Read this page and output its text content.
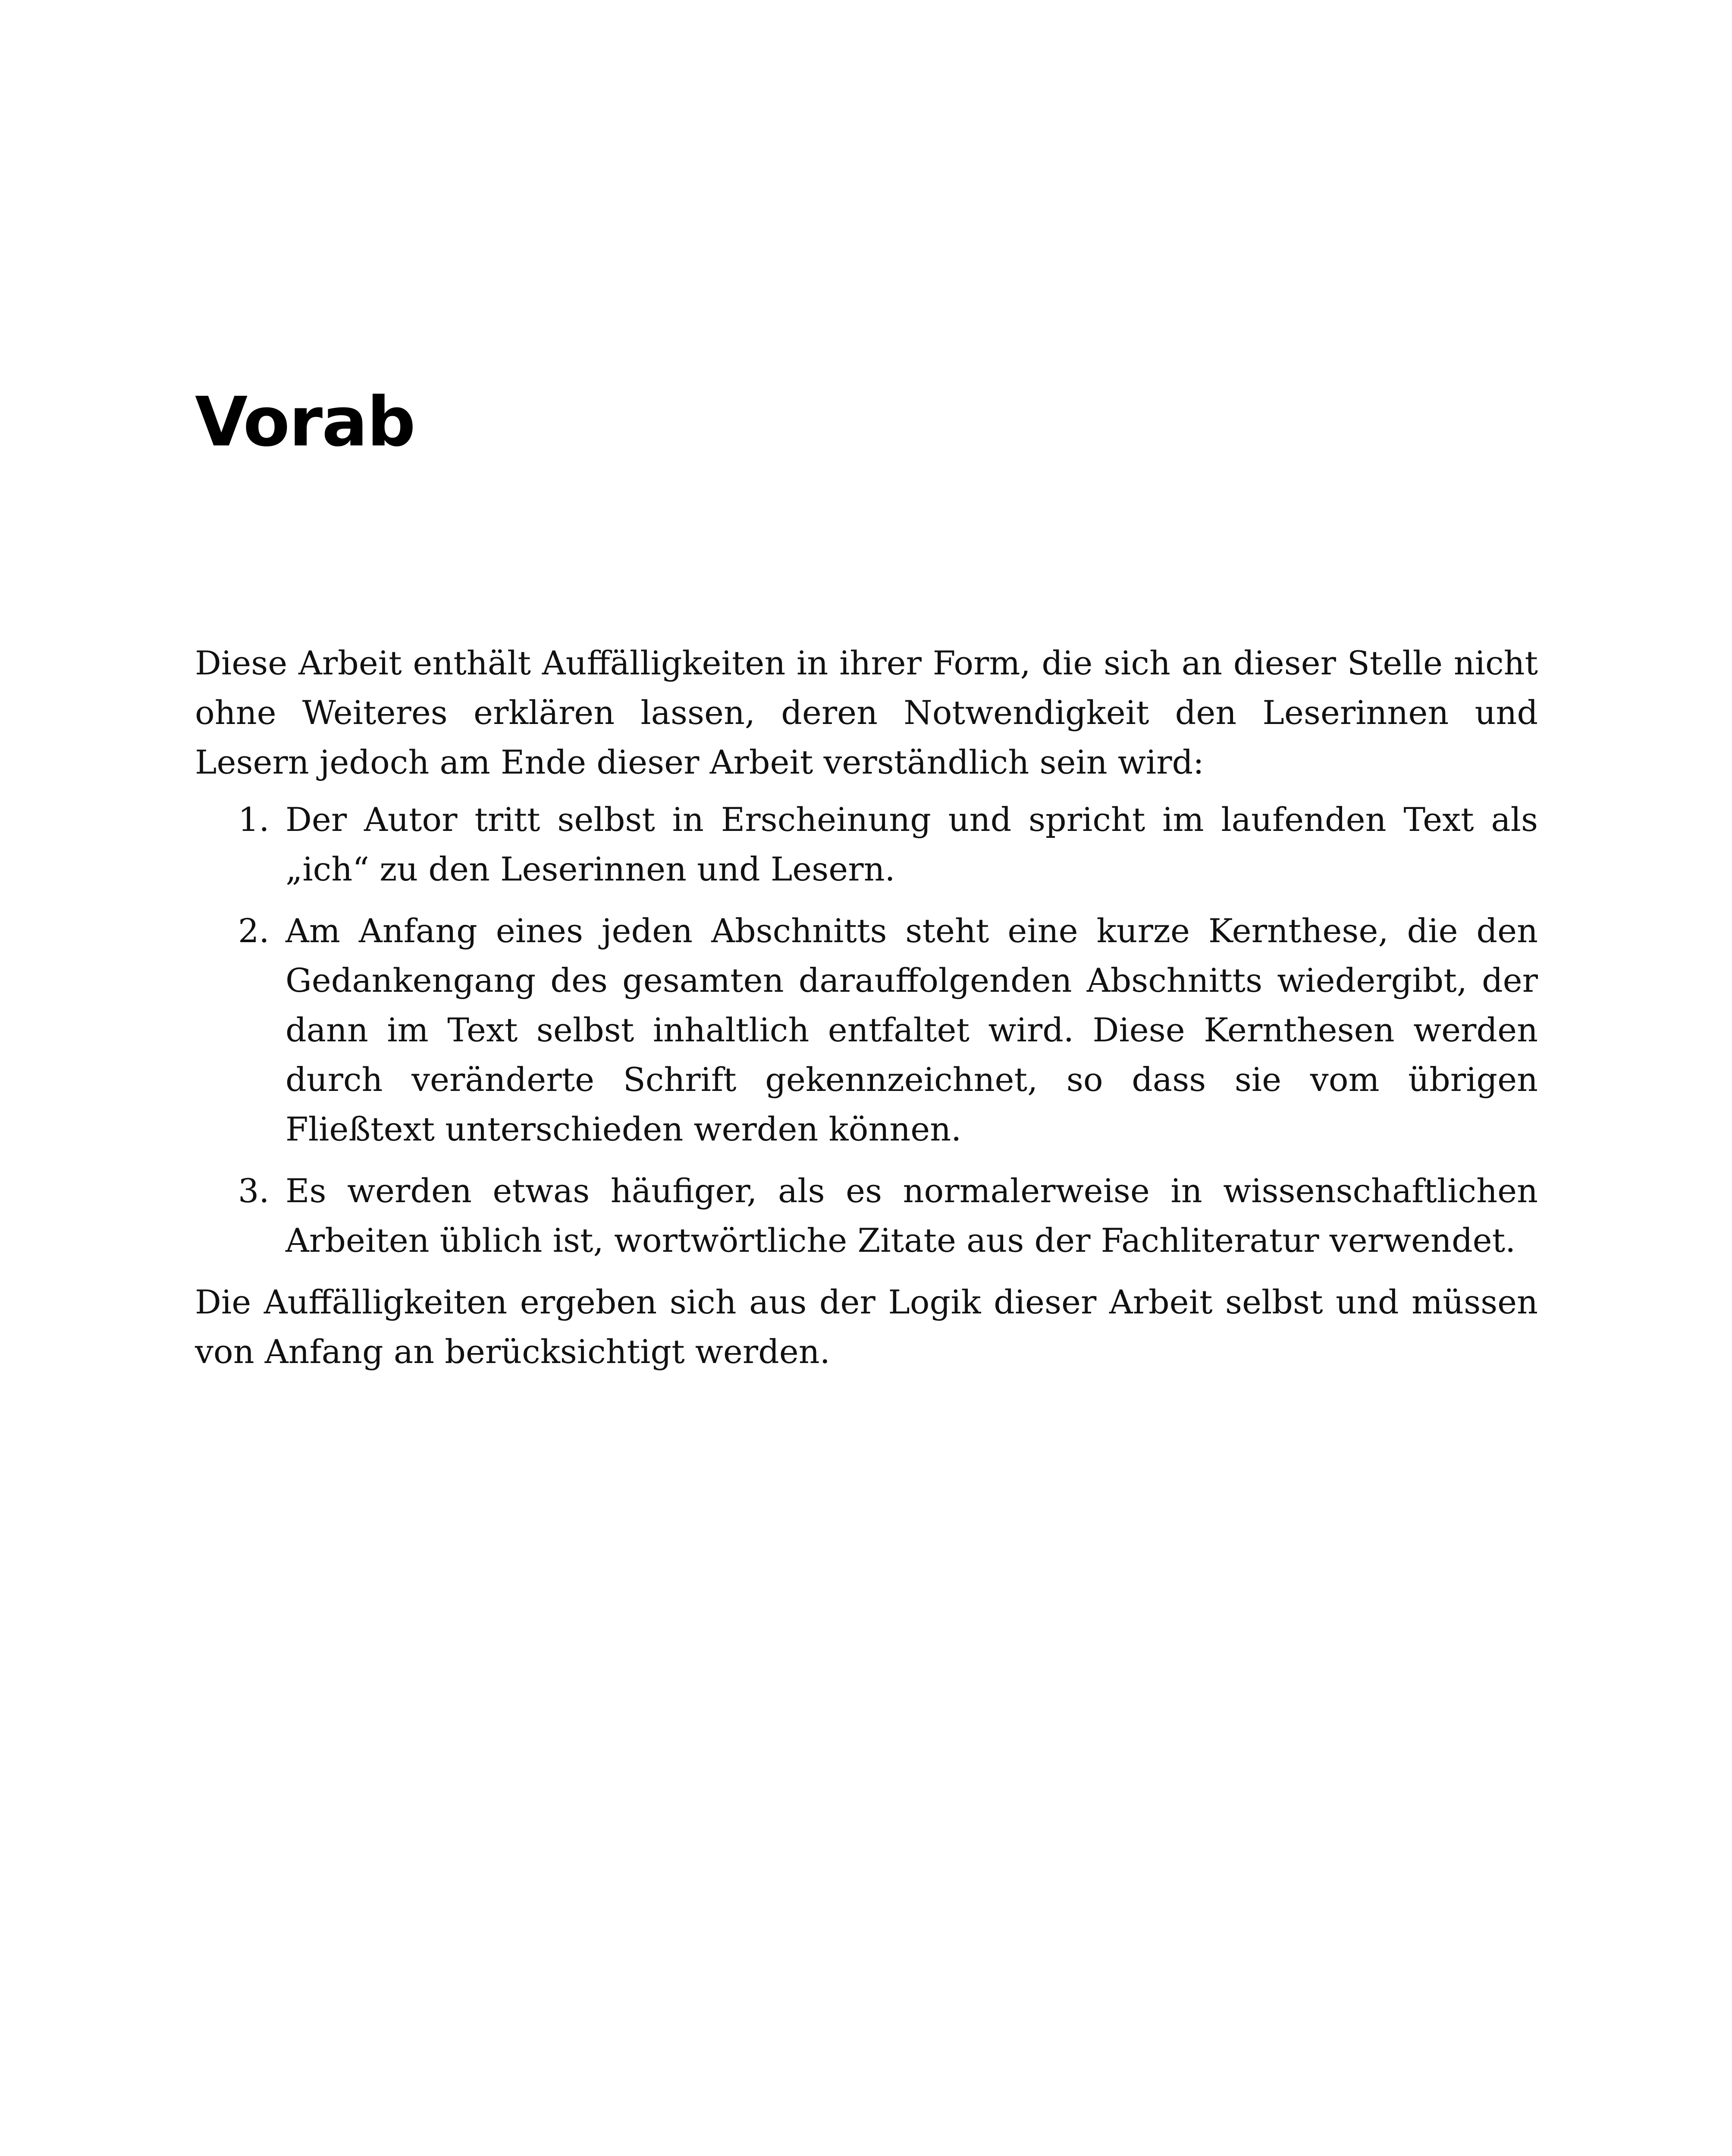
Vorab

Diese Arbeit enthält Auffälligkeiten in ihrer Form, die sich an dieser Stelle nicht ohne Weiteres erklären lassen, deren Notwendigkeit den Leserinnen und Lesern jedoch am Ende dieser Arbeit verständlich sein wird:

1. Der Autor tritt selbst in Erscheinung und spricht im laufenden Text als „ich“ zu den Leserinnen und Lesern.
2. Am Anfang eines jeden Abschnitts steht eine kurze Kernthese, die den Gedankengang des gesamten darauffolgenden Abschnitts wiedergibt, der dann im Text selbst inhaltlich entfaltet wird. Diese Kernthesen werden durch veränderte Schrift gekennzeichnet, so dass sie vom übrigen Fließtext unterschieden werden können.
3. Es werden etwas häufiger, als es normalerweise in wissenschaftlichen Arbeiten üblich ist, wortwörtliche Zitate aus der Fachliteratur verwendet.

Die Auffälligkeiten ergeben sich aus der Logik dieser Arbeit selbst und müssen von Anfang an berücksichtigt werden.
